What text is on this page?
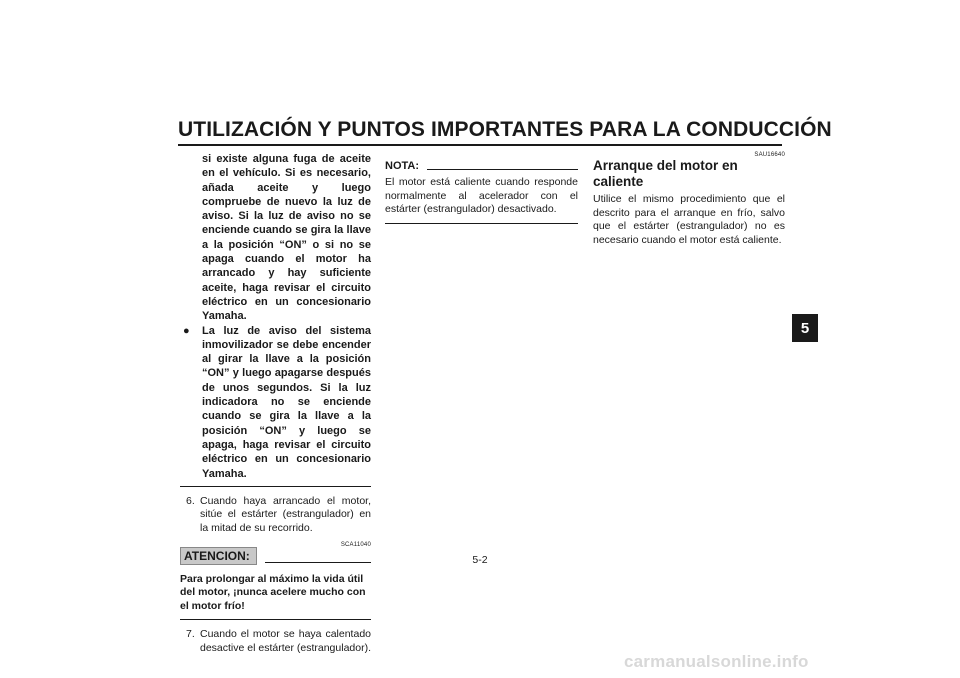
UTILIZACIÓN Y PUNTOS IMPORTANTES PARA LA CONDUCCIÓN
5

si existe alguna fuga de aceite en el vehículo. Si es necesario, añada aceite y luego compruebe de nuevo la luz de aviso. Si la luz de aviso no se enciende cuando se gira la llave a la posición “ON” o si no se apaga cuando el motor ha arrancado y hay suficiente aceite, haga revisar el circuito eléctrico en un concesionario Yamaha.

●	La luz de aviso del sistema inmovilizador se debe encender al girar la llave a la posición “ON” y luego apagarse después de unos segundos. Si la luz indicadora no se enciende cuando se gira la llave a la posición “ON” y luego se apaga, haga revisar el circuito eléctrico en un concesionario Yamaha.

6. Cuando haya arrancado el motor, sitúe el estárter (estrangulador) en la mitad de su recorrido.
SCA11040
ATENCION:

Para prolongar al máximo la vida útil del motor, ¡nunca acelere mucho con el motor frío!

7. Cuando el motor se haya calentado desactive el estárter (estrangulador).
NOTA:

El motor está caliente cuando responde normalmente al acelerador con el estárter (estrangulador) desactivado.

SAU16640
Arranque del motor en caliente

Utilice el mismo procedimiento que el descrito para el arranque en frío, salvo que el estárter (estrangulador) no es necesario cuando el motor está caliente.

5-2
carmanualsonline.info
